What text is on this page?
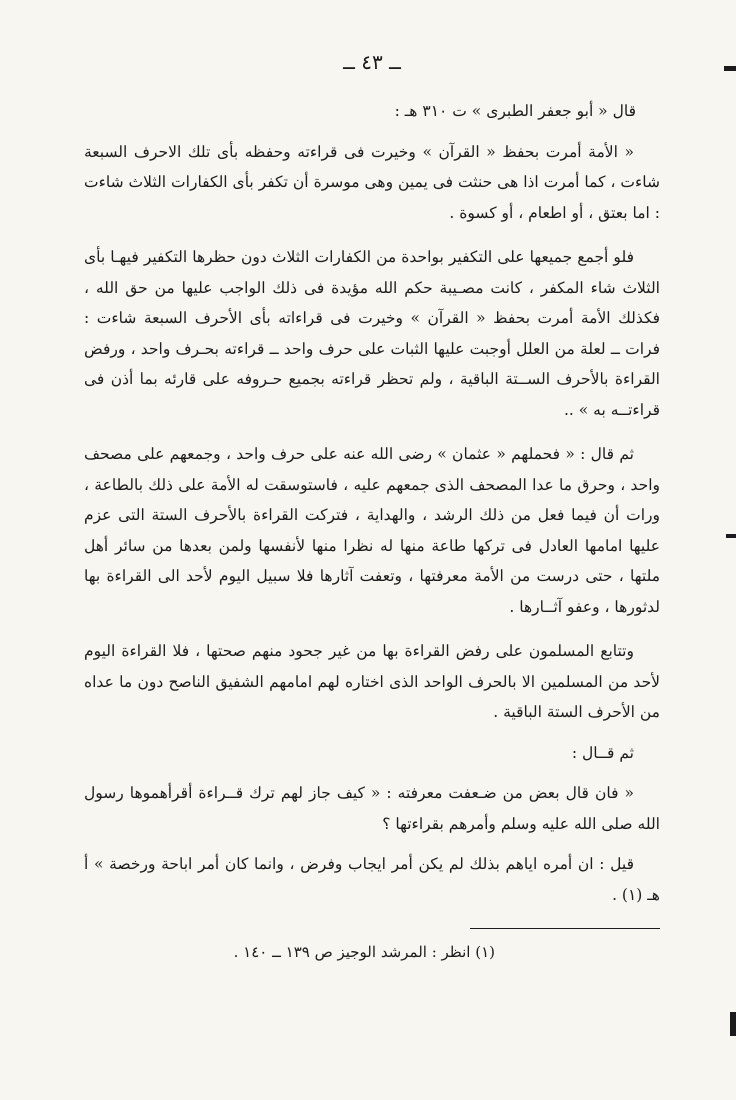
ــ ٤٣ ــ

قال « أبو جعفر الطبرى » ت ٣١٠ هـ :

« الأمة أمرت بحفظ « القرآن » وخيرت فى قراءته وحفظه بأى تلك الاحرف السبعة شاءت ، كما أمرت اذا هى حنثت فى يمين وهى موسرة أن تكفر بأى الكفارات الثلاث شاءت : اما بعتق ، أو اطعام ، أو كسوة .

فلو أجمع جميعها على التكفير بواحدة من الكفارات الثلاث دون حظرها التكفير فيهـا بأى الثلاث شاء المكفر ، كانت مصـيبة حكم الله مؤيدة فى ذلك الواجب عليها من حق الله ، فكذلك الأمة أمرت بحفظ « القرآن » وخيرت فى قراءاته بأى الأحرف السبعة شاءت : فرات ــ لعلة من العلل أوجبت عليها الثبات على حرف واحد ــ قراءته بحـرف واحد ، ورفض القراءة بالأحرف الســتة الباقية ، ولم تحظر قراءته بجميع حـروفه على قارئه بما أذن فى قراءتــه به » ..

ثم قال : « فحملهم « عثمان » رضى الله عنه على حرف واحد ، وجمعهم على مصحف واحد ، وحرق ما عدا المصحف الذى جمعهم عليه ، فاستوسقت له الأمة على ذلك بالطاعة ، ورات أن فيما فعل من ذلك الرشد ، والهداية ، فتركت القراءة بالأحرف الستة التى عزم عليها امامها العادل فى تركها طاعة منها له نظرا منها لأنفسها ولمن بعدها من سائر أهل ملتها ، حتى درست من الأمة معرفتها ، وتعفت آثارها فلا سبيل اليوم لأحد الى القراءة بها لدثورها ، وعفو آثــارها .

وتتابع المسلمون على رفض القراءة بها من غير جحود منهم صحتها ، فلا القراءة اليوم لأحد من المسلمين الا بالحرف الواحد الذى اختاره لهم امامهم الشفيق الناصح دون ما عداه من الأحرف الستة الباقية .

ثم قــال :

« فان قال بعض من ضـعفت معرفته : « كيف جاز لهم ترك قــراءة أقرأهموها رسول الله صلى الله عليه وسلم وأمرهم بقراءتها ؟

قيل : ان أمره اياهم بذلك لم يكن أمر ايجاب وفرض ، وانما كان أمر اباحة ورخصة » أ هـ (١) .

(١) انظر : المرشد الوجيز ص ١٣٩ ــ ١٤٠ .
